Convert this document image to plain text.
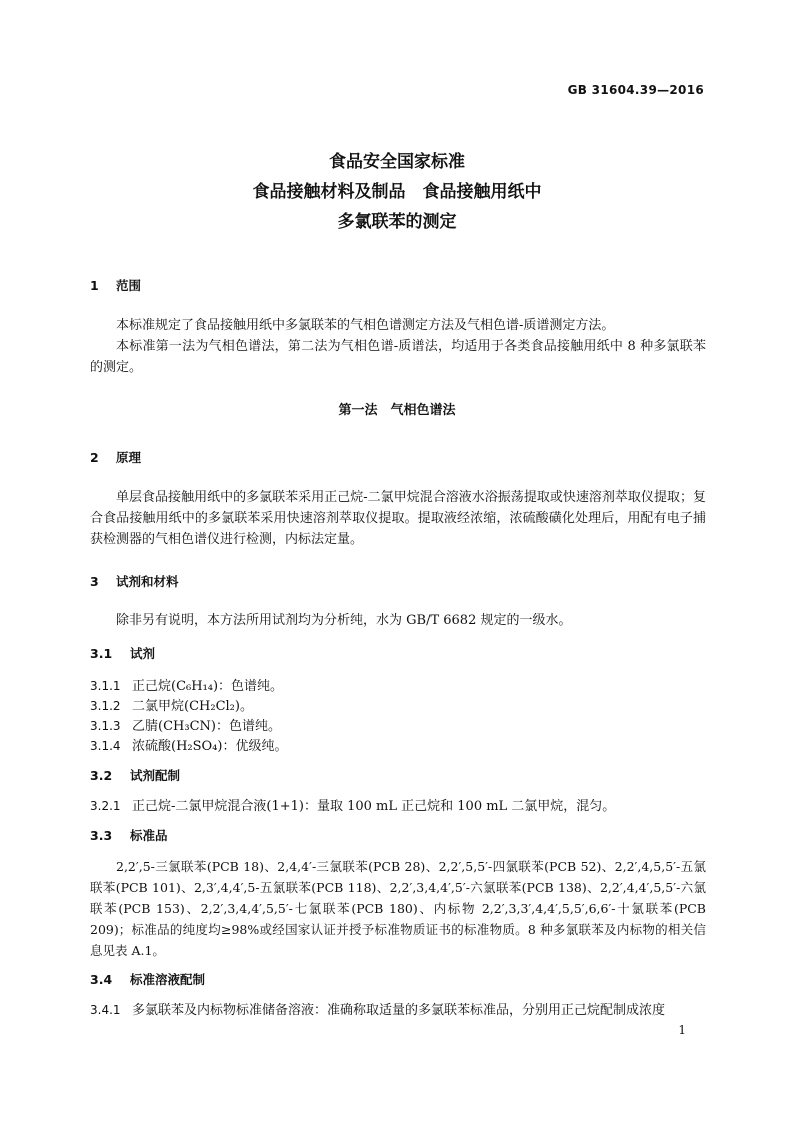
GB 31604.39—2016
食品安全国家标准
食品接触材料及制品　食品接触用纸中
多氯联苯的测定
1 范围

本标准规定了食品接触用纸中多氯联苯的气相色谱测定方法及气相色谱-质谱测定方法。

本标准第一法为气相色谱法，第二法为气相色谱-质谱法，均适用于各类食品接触用纸中 8 种多氯联苯的测定。

第一法　气相色谱法
2 原理

单层食品接触用纸中的多氯联苯采用正己烷-二氯甲烷混合溶液水浴振荡提取或快速溶剂萃取仪提取；复合食品接触用纸中的多氯联苯采用快速溶剂萃取仪提取。提取液经浓缩，浓硫酸磺化处理后，用配有电子捕获检测器的气相色谱仪进行检测，内标法定量。

3 试剂和材料

除非另有说明，本方法所用试剂均为分析纯，水为 GB/T 6682 规定的一级水。

3.1 试剂

3.1.1 正己烷(C₆H₁₄)：色谱纯。

3.1.2 二氯甲烷(CH₂Cl₂)。

3.1.3 乙腈(CH₃CN)：色谱纯。

3.1.4 浓硫酸(H₂SO₄)：优级纯。

3.2 试剂配制

3.2.1 正己烷-二氯甲烷混合液(1+1)：量取 100 mL 正己烷和 100 mL 二氯甲烷，混匀。

3.3 标准品

2,2′,5-三氯联苯(PCB 18)、2,4,4′-三氯联苯(PCB 28)、2,2′,5,5′-四氯联苯(PCB 52)、2,2′,4,5,5′-五氯联苯(PCB 101)、2,3′,4,4′,5-五氯联苯(PCB 118)、2,2′,3,4,4′,5′-六氯联苯(PCB 138)、2,2′,4,4′,5,5′-六氯联苯(PCB 153)、2,2′,3,4,4′,5,5′-七氯联苯(PCB 180)、内标物 2,2′,3,3′,4,4′,5,5′,6,6′-十氯联苯(PCB 209)；标准品的纯度均≥98%或经国家认证并授予标准物质证书的标准物质。8 种多氯联苯及内标物的相关信息见表 A.1。

3.4 标准溶液配制

3.4.1 多氯联苯及内标物标准储备溶液：准确称取适量的多氯联苯标准品，分别用正己烷配制成浓度

1
